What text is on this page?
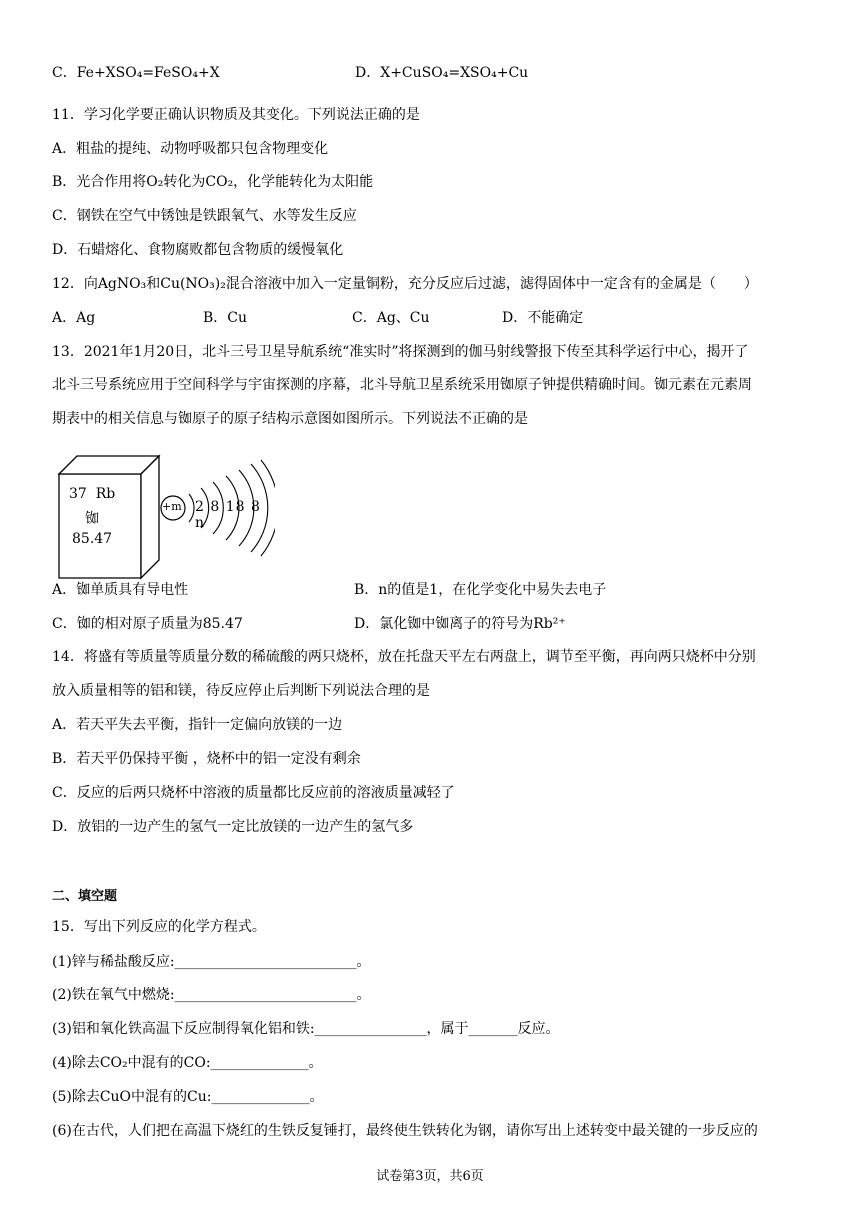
C．Fe+XSO₄=FeSO₄+X	D．X+CuSO₄=XSO₄+Cu
11．学习化学要正确认识物质及其变化。下列说法正确的是
A．粗盐的提纯、动物呼吸都只包含物理变化
B．光合作用将O₂转化为CO₂，化学能转化为太阳能
C．钢铁在空气中锈蚀是铁跟氧气、水等发生反应
D．石蜡熔化、食物腐败都包含物质的缓慢氧化
12．向AgNO₃和Cu(NO₃)₂混合溶液中加入一定量铜粉，充分反应后过滤，滤得固体中一定含有的金属是（　　）
A．Ag	B．Cu	C．Ag、Cu	D．不能确定
13．2021年1月20日，北斗三号卫星导航系统“准实时”将探测到的伽马射线警报下传至其科学运行中心，揭开了
北斗三号系统应用于空间科学与宇宙探测的序幕，北斗导航卫星系统采用铷原子钟提供精确时间。铷元素在元素周
期表中的相关信息与铷原子的原子结构示意图如图所示。下列说法不正确的是
37 Rb
铷
85.47
+m 2 8 18 8 n
A．铷单质具有导电性	B．n的值是1，在化学变化中易失去电子
C．铷的相对原子质量为85.47	D．氯化铷中铷离子的符号为Rb²⁺
14．将盛有等质量等质量分数的稀硫酸的两只烧杯，放在托盘天平左右两盘上，调节至平衡，再向两只烧杯中分别
放入质量相等的铝和镁，待反应停止后判断下列说法合理的是
A．若天平失去平衡，指针一定偏向放镁的一边
B．若天平仍保持平衡 ，烧杯中的铝一定没有剩余
C．反应的后两只烧杯中溶液的质量都比反应前的溶液质量减轻了
D．放铝的一边产生的氢气一定比放镁的一边产生的氢气多
二、填空题
15．写出下列反应的化学方程式。
(1)锌与稀盐酸反应:__________________________。
(2)铁在氧气中燃烧:__________________________。
(3)铝和氧化铁高温下反应制得氧化铝和铁:________________，属于_______反应。
(4)除去CO₂中混有的CO:______________。
(5)除去CuO中混有的Cu:______________。
(6)在古代，人们把在高温下烧红的生铁反复锤打，最终使生铁转化为钢，请你写出上述转变中最关键的一步反应的
试卷第3页，共6页
